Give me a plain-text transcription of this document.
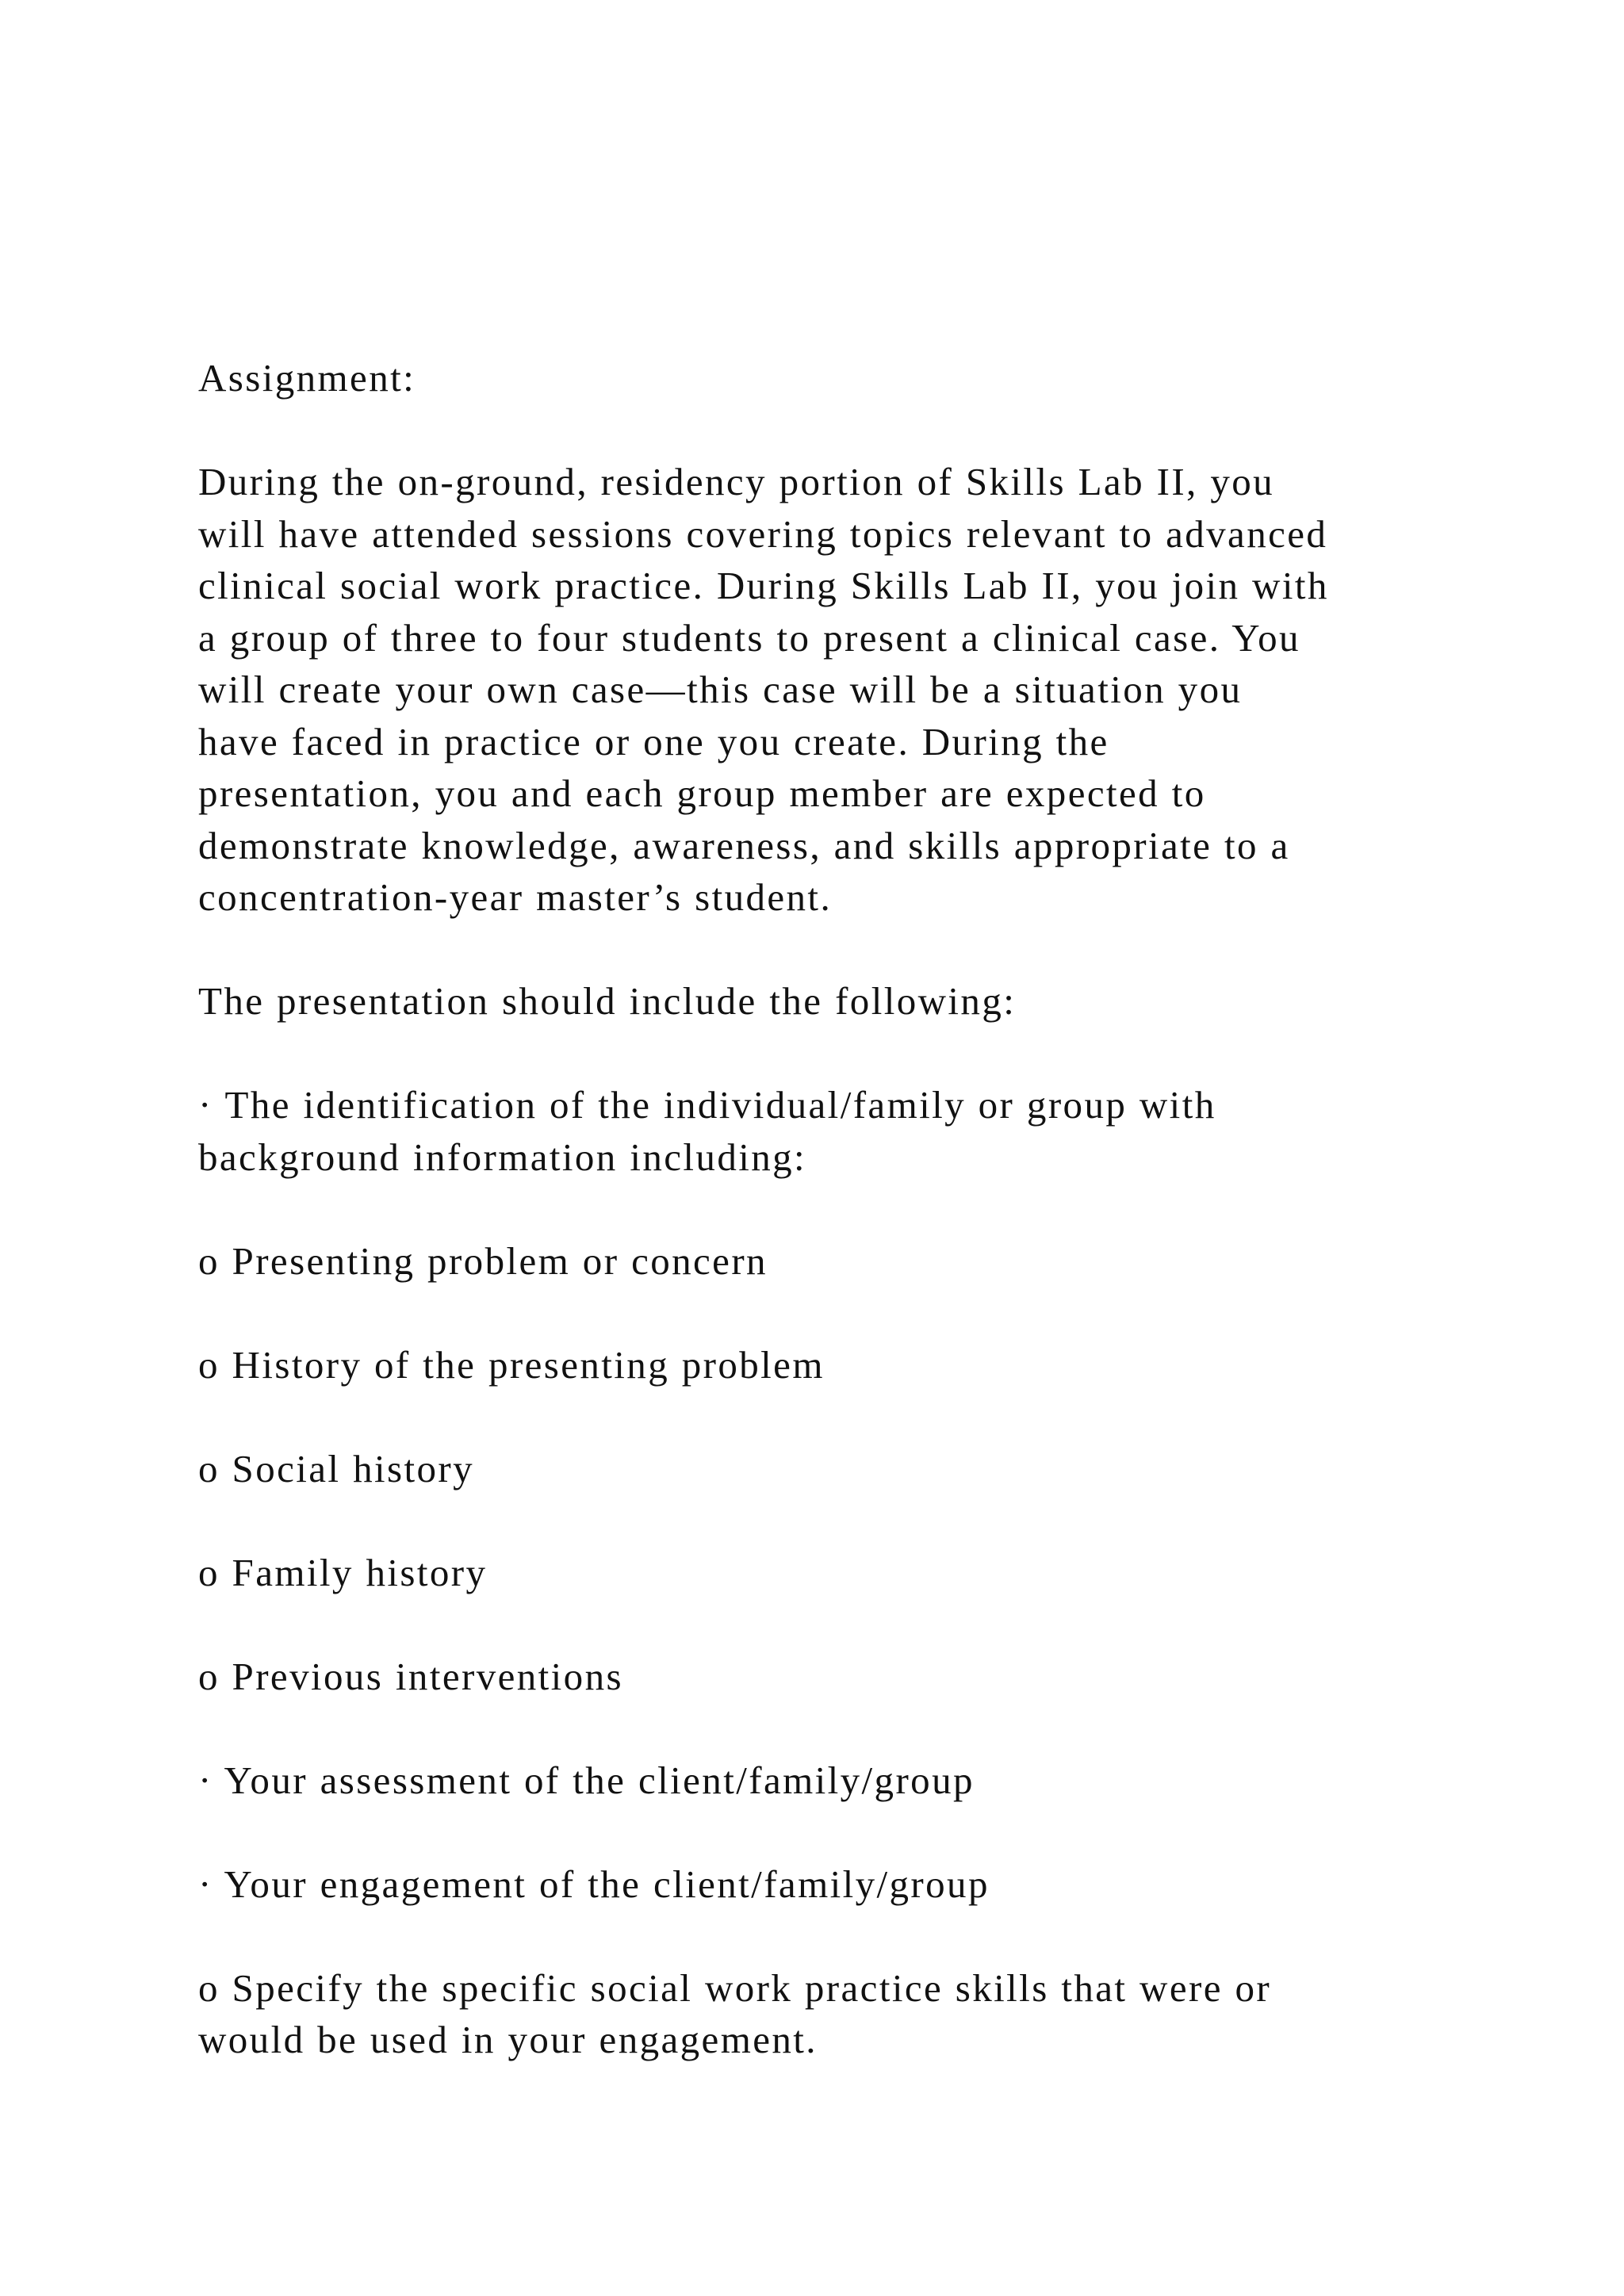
Assignment:

During the on-ground, residency portion of Skills Lab II, you
will have attended sessions covering topics relevant to advanced
clinical social work practice. During Skills Lab II, you join with
a group of three to four students to present a clinical case. You
will create your own case—this case will be a situation you
have faced in practice or one you create. During the
presentation, you and each group member are expected to
demonstrate knowledge, awareness, and skills appropriate to a
concentration-year master’s student.

The presentation should include the following:

· The identification of the individual/family or group with
background information including:

o Presenting problem or concern

o History of the presenting problem

o Social history

o Family history

o Previous interventions

· Your assessment of the client/family/group

· Your engagement of the client/family/group

o Specify the specific social work practice skills that were or
would be used in your engagement.
